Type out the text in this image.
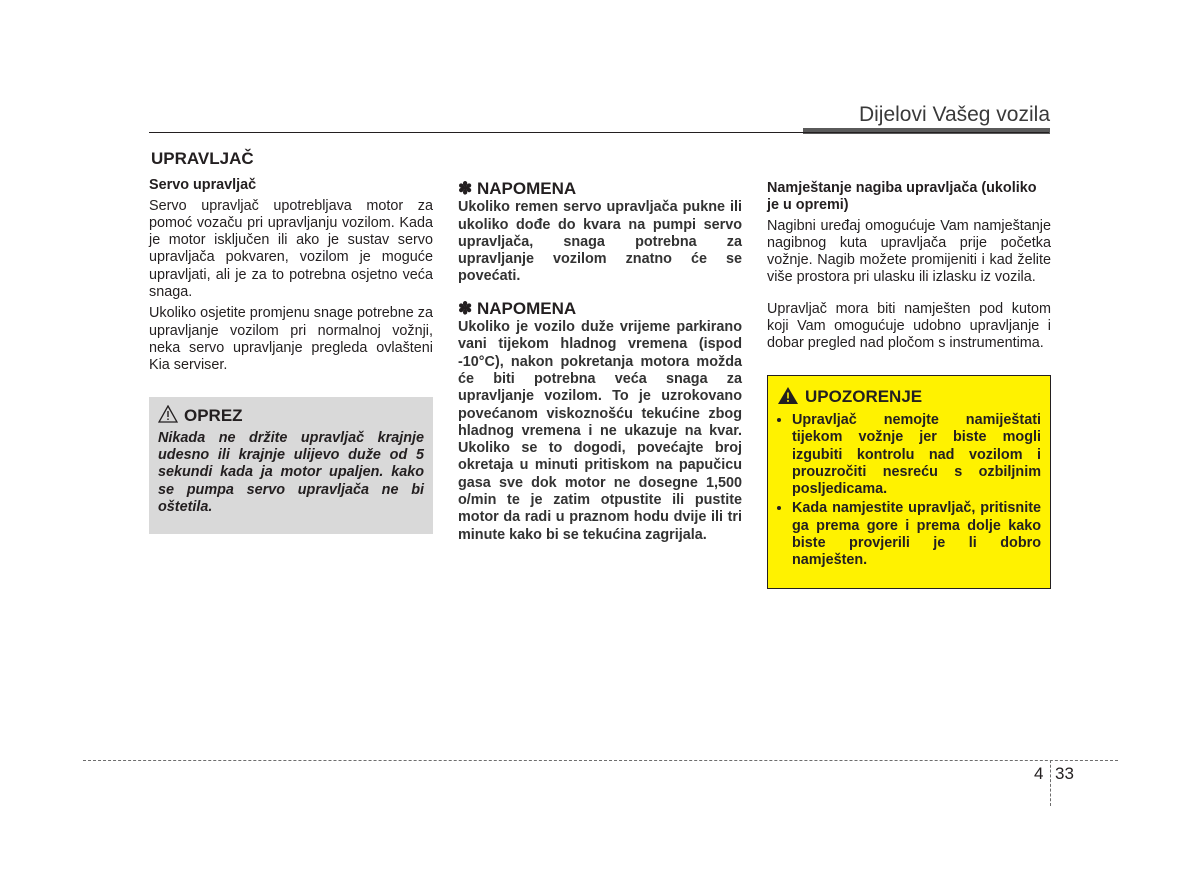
Dijelovi Vašeg vozila
UPRAVLJAČ
Servo upravljač

Servo upravljač upotrebljava motor za pomoć vozaču pri upravljanju vozilom. Kada je motor isključen ili ako je sustav servo upravljača pokvaren, vozilom je moguće upravljati, ali je za to potrebna osjetno veća snaga.

Ukoliko osjetite promjenu snage potrebne za upravljanje vozilom pri normalnoj vožnji, neka servo upravljanje pregleda ovlašteni Kia serviser.

OPREZ
Nikada ne držite upravljač krajnje udesno ili krajnje ulijevo duže od 5 sekundi kada ja motor upaljen. kako se pumpa servo upravljača ne bi oštetila.
✽ NAPOMENA
Ukoliko remen servo upravljača pukne ili ukoliko dođe do kvara na pumpi servo upravljača, snaga potrebna za upravljanje vozilom znatno će se povećati.
✽ NAPOMENA
Ukoliko je vozilo duže vrijeme parkirano vani tijekom hladnog vremena (ispod -10°C), nakon pokretanja motora možda će biti potrebna veća snaga za upravljanje vozilom. To je uzrokovano povećanom viskoznošću tekućine zbog hladnog vremena i ne ukazuje na kvar. Ukoliko se to dogodi, povećajte broj okretaja u minuti pritiskom na papučicu gasa sve dok motor ne dosegne 1,500 o/min te je zatim otpustite ili pustite motor da radi u praznom hodu dvije ili tri minute kako bi se tekućina zagrijala.
Namještanje nagiba upravljača (ukoliko je u opremi)

Nagibni uređaj omogućuje Vam namještanje nagibnog kuta upravljača prije početka vožnje. Nagib možete promijeniti i kad želite više prostora pri ulasku ili izlasku iz vozila.

Upravljač mora biti namješten pod kutom koji Vam omogućuje udobno upravljanje i dobar pregled nad pločom s instrumentima.

UPOZORENJE
• Upravljač nemojte namiještati tijekom vožnje jer biste mogli izgubiti kontrolu nad vozilom i prouzročiti nesreću s ozbiljnim posljedicama.
• Kada namjestite upravljač, pritisnite ga prema gore i prema dolje kako biste provjerili je li dobro namješten.
4 33
